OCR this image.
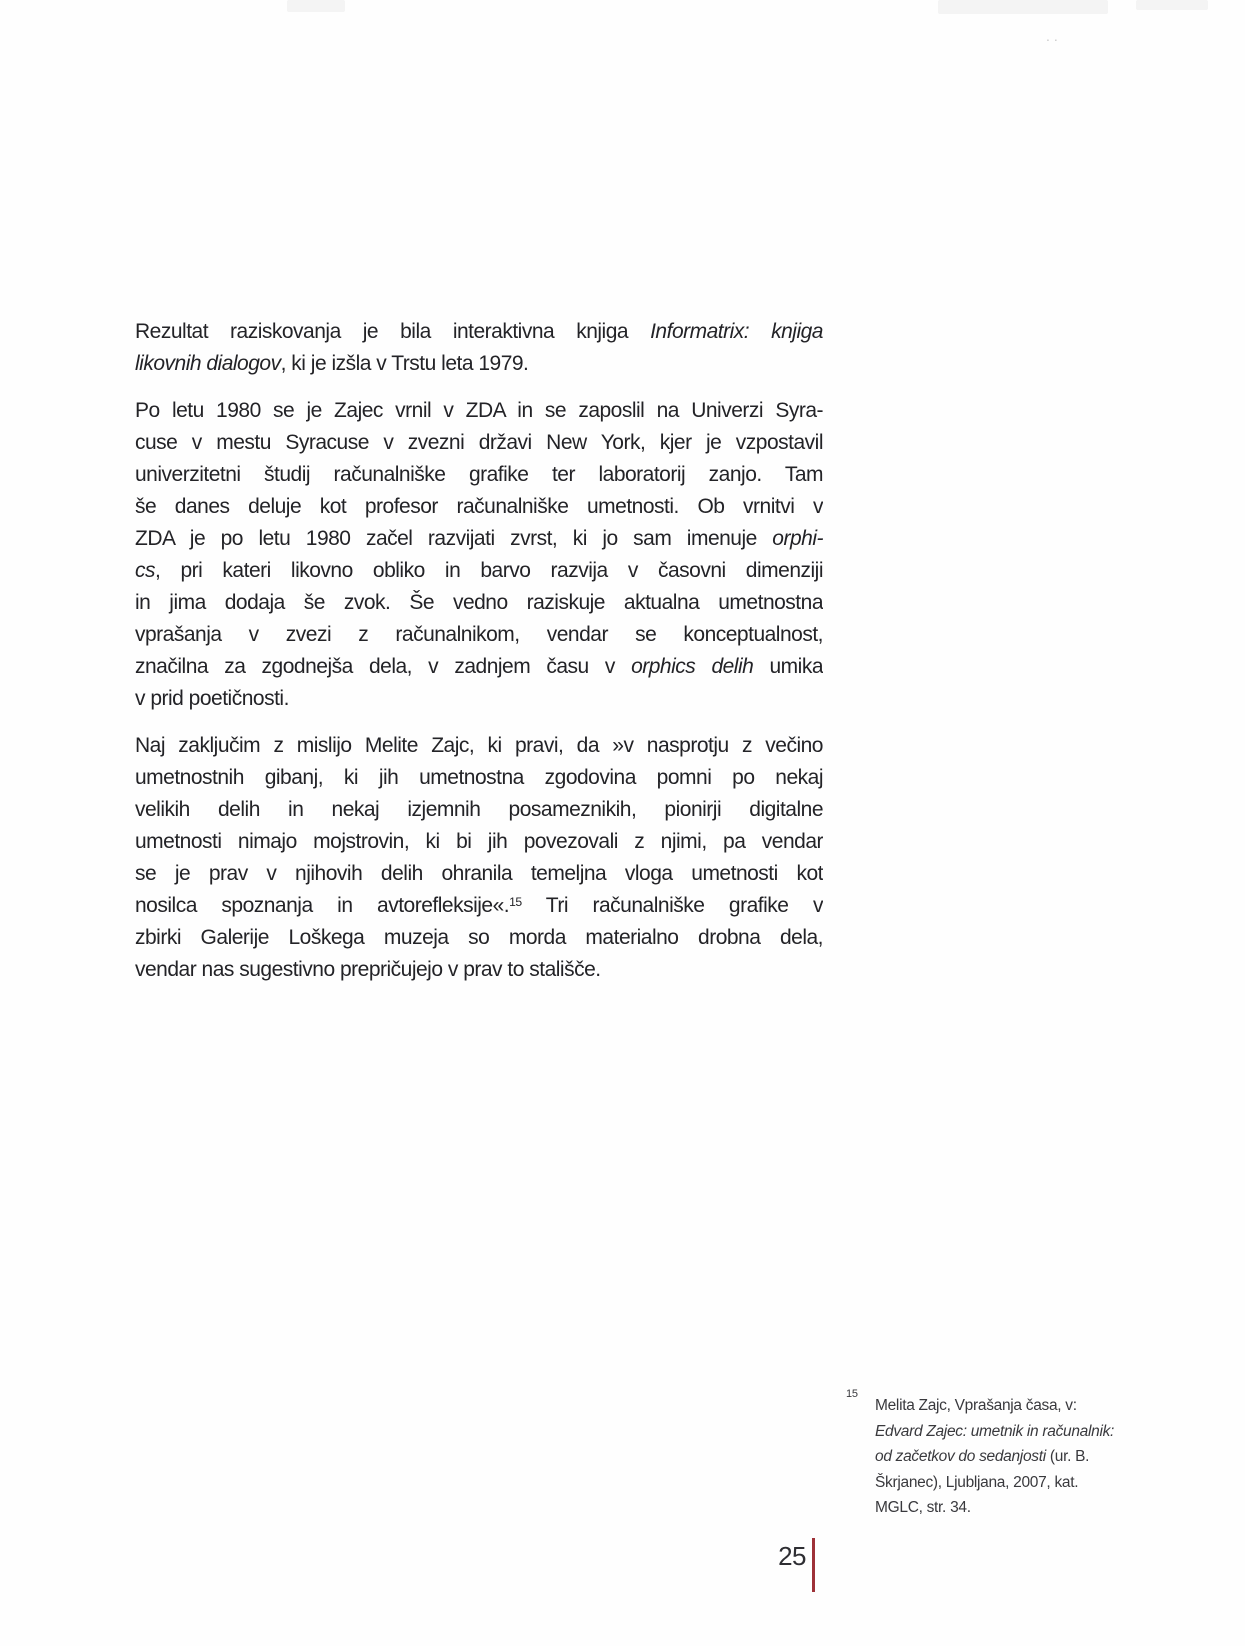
..
Rezultat raziskovanja je bila interaktivna knjiga Informatrix: knjiga
likovnih dialogov, ki je izšla v Trstu leta 1979.
Po letu 1980 se je Zajec vrnil v ZDA in se zaposlil na Univerzi Syra-
cuse v mestu Syracuse v zvezni državi New York, kjer je vzpostavil
univerzitetni študij računalniške grafike ter laboratorij zanjo. Tam
še danes deluje kot profesor računalniške umetnosti. Ob vrnitvi v
ZDA je po letu 1980 začel razvijati zvrst, ki jo sam imenuje orphi-
cs, pri kateri likovno obliko in barvo razvija v časovni dimenziji
in jima dodaja še zvok. Še vedno raziskuje aktualna umetnostna
vprašanja v zvezi z računalnikom, vendar se konceptualnost,
značilna za zgodnejša dela, v zadnjem času v orphics delih umika
v prid poetičnosti.
Naj zaključim z mislijo Melite Zajc, ki pravi, da »v nasprotju z večino
umetnostnih gibanj, ki jih umetnostna zgodovina pomni po nekaj
velikih delih in nekaj izjemnih posameznikih, pionirji digitalne
umetnosti nimajo mojstrovin, ki bi jih povezovali z njimi, pa vendar
se je prav v njihovih delih ohranila temeljna vloga umetnosti kot
nosilca spoznanja in avtorefleksije«.$^{15}$ Tri računalniške grafike v
zbirki Galerije Loškega muzeja so morda materialno drobna dela,
vendar nas sugestivno prepričujejo v prav to stališče.
15
Melita Zajc, Vprašanja časa, v:
Edvard Zajec: umetnik in računalnik:
od začetkov do sedanjosti (ur. B.
Škrjanec), Ljubljana, 2007, kat.
MGLC, str. 34.
25
